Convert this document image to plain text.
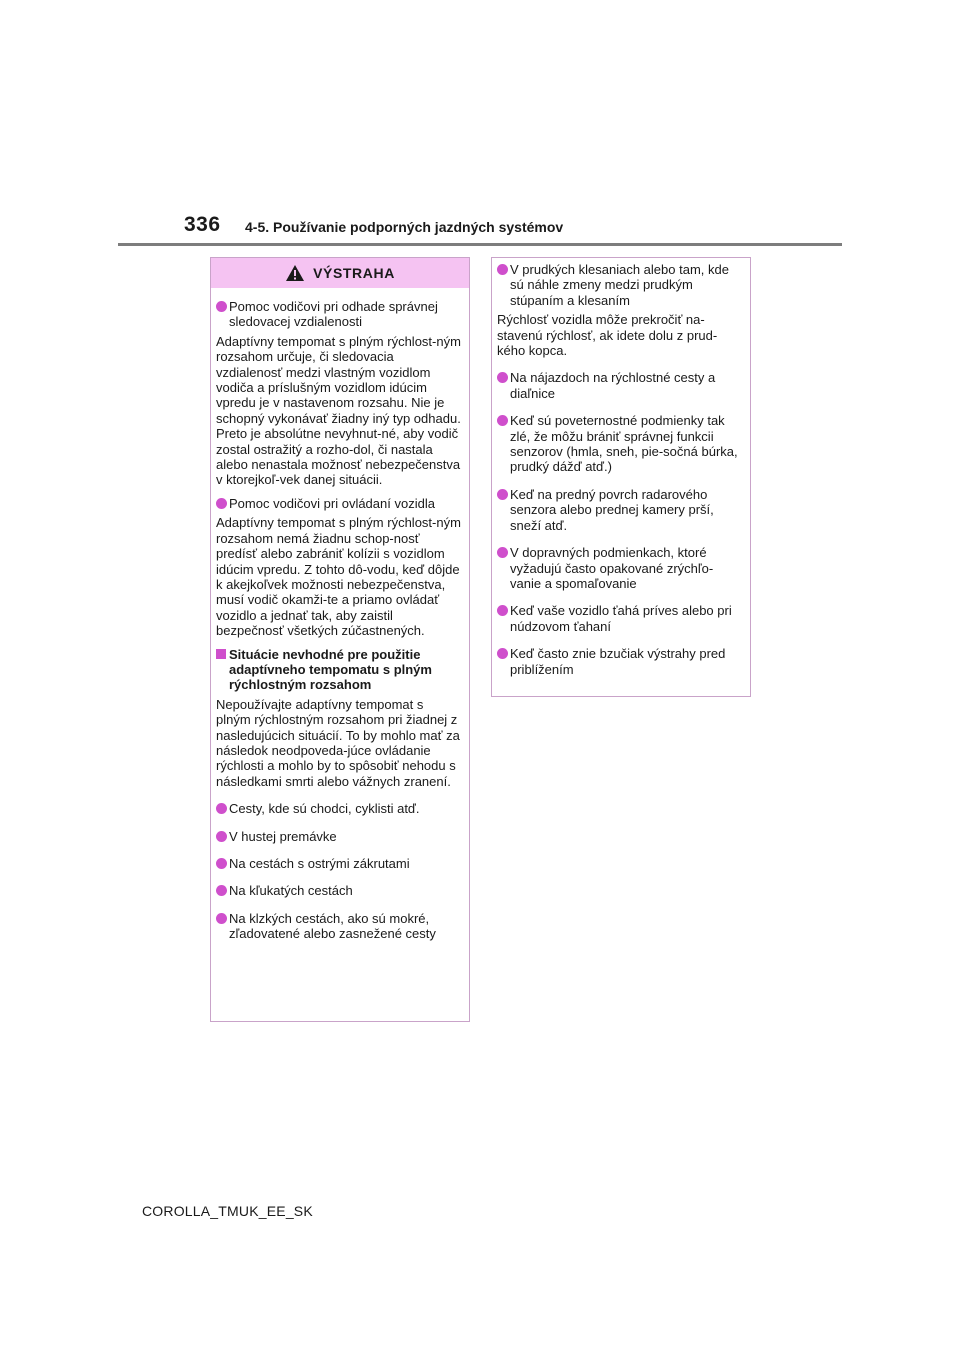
336 4-5. Používanie podporných jazdných systémov
VÝSTRAHA
Pomoc vodičovi pri odhade správnej sledovacej vzdialenosti
Adaptívny tempomat s plným rýchlost-ným rozsahom určuje, či sledovacia vzdialenosť medzi vlastným vozidlom vodiča a príslušným vozidlom idúcim vpredu je v nastavenom rozsahu. Nie je schopný vykonávať žiadny iný typ odhadu. Preto je absolútne nevyhnut-né, aby vodič zostal ostražitý a rozho-dol, či nastala alebo nenastala možnosť nebezpečenstva v ktorejkoľ-vek danej situácii.
Pomoc vodičovi pri ovládaní vozidla
Adaptívny tempomat s plným rýchlost-ným rozsahom nemá žiadnu schop-nosť predísť alebo zabrániť kolízii s vozidlom idúcim vpredu. Z tohto dô-vodu, keď dôjde k akejkoľvek možnosti nebezpečenstva, musí vodič okamži-te a priamo ovládať vozidlo a jednať tak, aby zaistil bezpečnosť všetkých zúčastnených.
Situácie nevhodné pre použitie adaptívneho tempomatu s plným rýchlostným rozsahom
Nepoužívajte adaptívny tempomat s plným rýchlostným rozsahom pri žiadnej z nasledujúcich situácií. To by mohlo mať za následok neodpoveda-júce ovládanie rýchlosti a mohlo by to spôsobiť nehodu s následkami smrti alebo vážnych zranení.
Cesty, kde sú chodci, cyklisti atď.
V hustej premávke
Na cestách s ostrými zákrutami
Na kľukatých cestách
Na klzkých cestách, ako sú mokré, zľadovatené alebo zasnežené cesty
V prudkých klesaniach alebo tam, kde sú náhle zmeny medzi prudkým stúpaním a klesaním
Rýchlosť vozidla môže prekročiť na-stavenú rýchlosť, ak idete dolu z prud-kého kopca.
Na nájazdoch na rýchlostné cesty a diaľnice
Keď sú poveternostné podmienky tak zlé, že môžu brániť správnej funkcii senzorov (hmla, sneh, pie-sočná búrka, prudký dážď atď.)
Keď na predný povrch radarového senzora alebo prednej kamery prší, sneží atď.
V dopravných podmienkach, ktoré vyžadujú často opakované zrýchľo-vanie a spomaľovanie
Keď vaše vozidlo ťahá príves alebo pri núdzovom ťahaní
Keď často znie bzučiak výstrahy pred priblížením
COROLLA_TMUK_EE_SK
